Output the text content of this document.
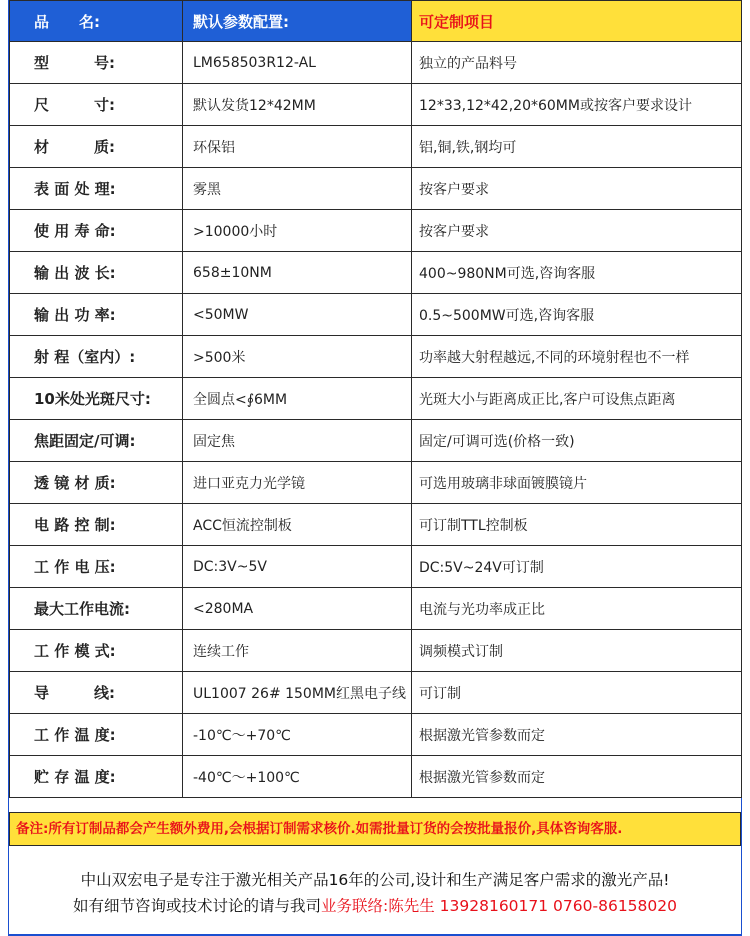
品　　名:	默认参数配置:	可定制项目

型　　　号:	LM658503R12-AL	独立的产品料号

尺　　　寸:	默认发货12*42MM	12*33,12*42,20*60MM或按客户要求设计

材　　　质:	环保铝	铝,铜,铁,钢均可

表 面 处 理:	雾黑	按客户要求

使 用 寿 命:	>10000小时	按客户要求

输 出 波 长:	658±10NM	400~980NM可选,咨询客服

输 出 功 率:	<50MW	0.5~500MW可选,咨询客服

射 程（室内）:	>500米	功率越大射程越远,不同的环境射程也不一样

10米处光斑尺寸:	全圆点<∮6MM	光斑大小与距离成正比,客户可设焦点距离

焦距固定/可调:	固定焦	固定/可调可选(价格一致)

透 镜 材 质:	进口亚克力光学镜	可选用玻璃非球面镀膜镜片

电 路 控 制:	ACC恒流控制板	可订制TTL控制板

工 作 电 压:	DC:3V~5V	DC:5V~24V可订制

最大工作电流:	<280MA	电流与光功率成正比

工 作 模 式:	连续工作	调频模式订制

导　　　线:	UL1007 26# 150MM红黑电子线	可订制

工 作 温 度:	-10℃～+70℃	根据激光管参数而定

贮 存 温 度:	-40℃～+100℃	根据激光管参数而定
备注:所有订制品都会产生额外费用,会根据订制需求核价.如需批量订货的会按批量报价,具体咨询客服.
中山双宏电子是专注于激光相关产品16年的公司,设计和生产满足客户需求的激光产品!
如有细节咨询或技术讨论的请与我司业务联络:陈先生 13928160171 0760-86158020
